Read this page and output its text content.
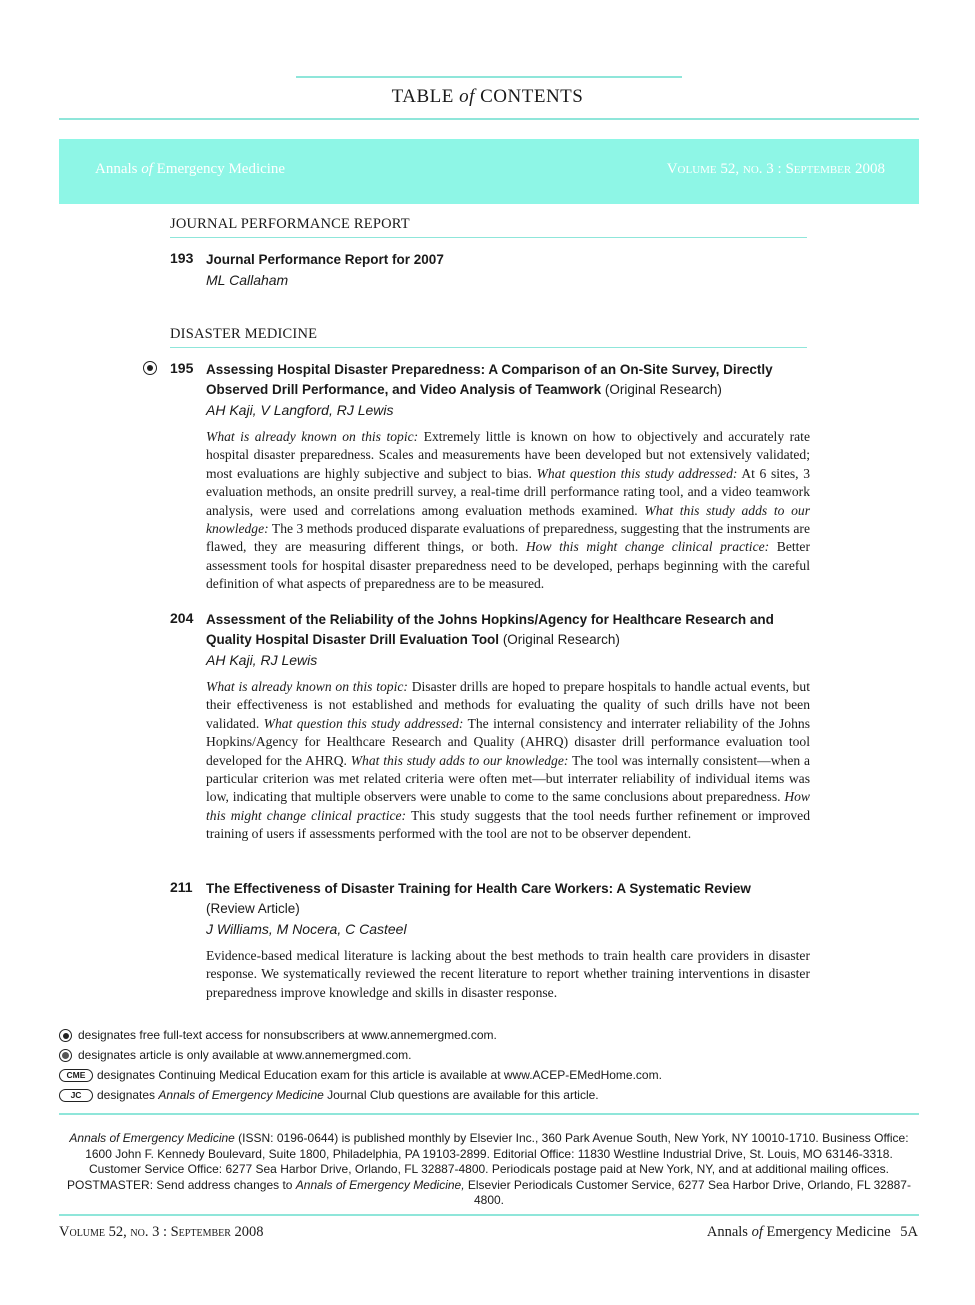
TABLE of CONTENTS
Annals of Emergency Medicine	Volume 52, no. 3 : September 2008
JOURNAL PERFORMANCE REPORT
193 Journal Performance Report for 2007
ML Callaham
DISASTER MEDICINE
195 Assessing Hospital Disaster Preparedness: A Comparison of an On-Site Survey, Directly Observed Drill Performance, and Video Analysis of Teamwork (Original Research)
AH Kaji, V Langford, RJ Lewis
What is already known on this topic: Extremely little is known on how to objectively and accurately rate hospital disaster preparedness. Scales and measurements have been developed but not extensively validated; most evaluations are highly subjective and subject to bias. What question this study addressed: At 6 sites, 3 evaluation methods, an onsite predrill survey, a real-time drill performance rating tool, and a video teamwork analysis, were used and correlations among evaluation methods examined. What this study adds to our knowledge: The 3 methods produced disparate evaluations of preparedness, suggesting that the instruments are flawed, they are measuring different things, or both. How this might change clinical practice: Better assessment tools for hospital disaster preparedness need to be developed, perhaps beginning with the careful definition of what aspects of preparedness are to be measured.
204 Assessment of the Reliability of the Johns Hopkins/Agency for Healthcare Research and Quality Hospital Disaster Drill Evaluation Tool (Original Research)
AH Kaji, RJ Lewis
What is already known on this topic: Disaster drills are hoped to prepare hospitals to handle actual events, but their effectiveness is not established and methods for evaluating the quality of such drills have not been validated. What question this study addressed: The internal consistency and interrater reliability of the Johns Hopkins/Agency for Healthcare Research and Quality (AHRQ) disaster drill performance evaluation tool developed for the AHRQ. What this study adds to our knowledge: The tool was internally consistent—when a particular criterion was met related criteria were often met—but interrater reliability of individual items was low, indicating that multiple observers were unable to come to the same conclusions about preparedness. How this might change clinical practice: This study suggests that the tool needs further refinement or improved training of users if assessments performed with the tool are not to be observer dependent.
211 The Effectiveness of Disaster Training for Health Care Workers: A Systematic Review
(Review Article)
J Williams, M Nocera, C Casteel
Evidence-based medical literature is lacking about the best methods to train health care providers in disaster response. We systematically reviewed the recent literature to report whether training interventions in disaster preparedness improve knowledge and skills in disaster response.
designates free full-text access for nonsubscribers at www.annemergmed.com.
designates article is only available at www.annemergmed.com.
CME designates Continuing Medical Education exam for this article is available at www.ACEP-EMedHome.com.
JC designates Annals of Emergency Medicine Journal Club questions are available for this article.
Annals of Emergency Medicine (ISSN: 0196-0644) is published monthly by Elsevier Inc., 360 Park Avenue South, New York, NY 10010-1710. Business Office:
1600 John F. Kennedy Boulevard, Suite 1800, Philadelphia, PA 19103-2899. Editorial Office: 11830 Westline Industrial Drive, St. Louis, MO 63146-3318.
Customer Service Office: 6277 Sea Harbor Drive, Orlando, FL 32887-4800. Periodicals postage paid at New York, NY, and at additional mailing offices.
POSTMASTER: Send address changes to Annals of Emergency Medicine, Elsevier Periodicals Customer Service, 6277 Sea Harbor Drive, Orlando, FL 32887-4800.
Volume 52, no. 3 : September 2008	Annals of Emergency Medicine 5A
